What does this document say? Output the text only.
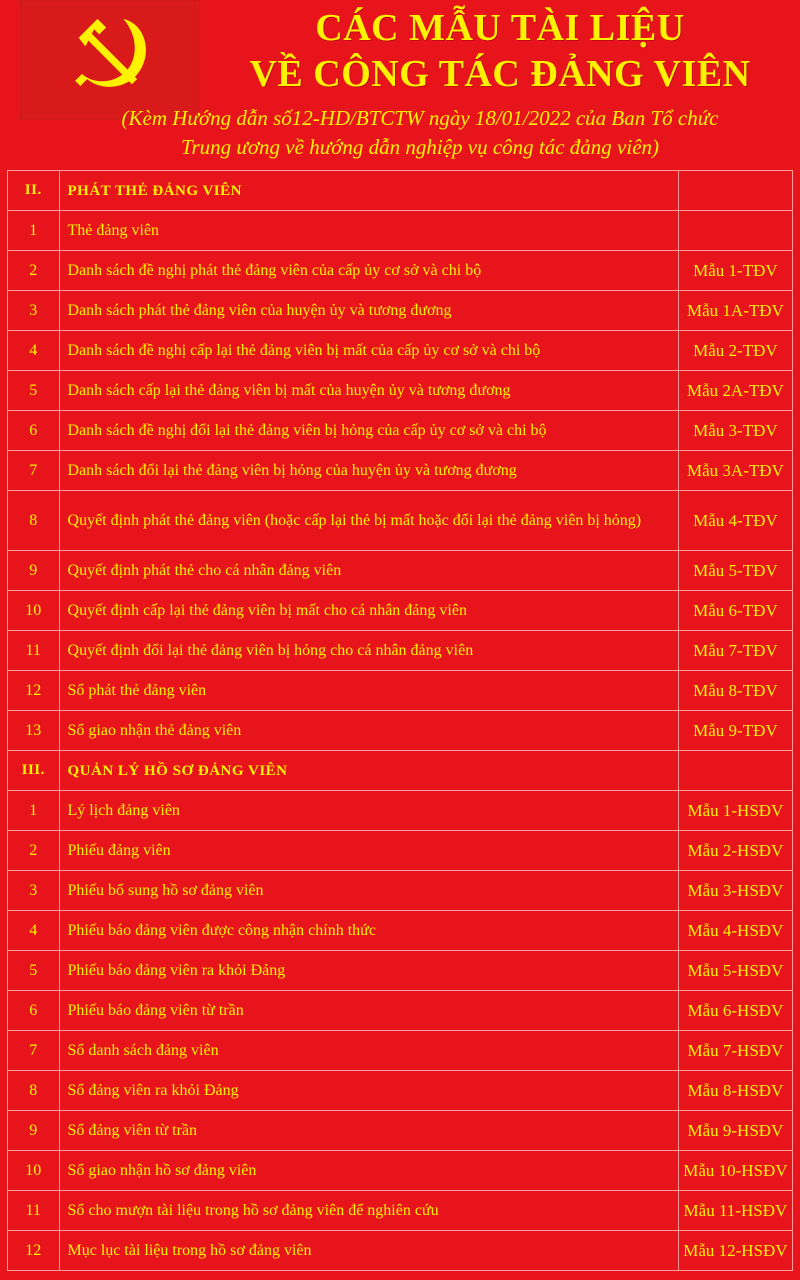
CÁC MẪU TÀI LIỆU
VỀ CÔNG TÁC ĐẢNG VIÊN

(Kèm Hướng dẫn số12-HD/BTCTW ngày 18/01/2022 của Ban Tổ chức

Trung ương về hướng dẫn nghiệp vụ công tác đảng viên)

II.	PHÁT THẺ ĐẢNG VIÊN	
1	Thẻ đảng viên	
2	Danh sách đề nghị phát thẻ đảng viên của cấp ủy cơ sở và chi bộ	Mẫu 1-TĐV
3	Danh sách phát thẻ đảng viên của huyện ủy và tương đương	Mẫu 1A-TĐV
4	Danh sách đề nghị cấp lại thẻ đảng viên bị mất của cấp ủy cơ sở và chi bộ	Mẫu 2-TĐV
5	Danh sách cấp lại thẻ đảng viên bị mất của huyện ủy và tương đương	Mẫu 2A-TĐV
6	Danh sách đề nghị đổi lại thẻ đảng viên bị hỏng của cấp ủy cơ sở và chi bộ	Mẫu 3-TĐV
7	Danh sách đổi lại thẻ đảng viên bị hỏng của huyện ủy và tương đương	Mẫu 3A-TĐV
8	Quyết định phát thẻ đảng viên (hoặc cấp lại thẻ bị mất hoặc đổi lại thẻ đảng viên bị hỏng)	Mẫu 4-TĐV
9	Quyết định phát thẻ cho cá nhân đảng viên	Mẫu 5-TĐV
10	Quyết định cấp lại thẻ đảng viên bị mất cho cá nhân đảng viên	Mẫu 6-TĐV
11	Quyết định đổi lại thẻ đảng viên bị hỏng cho cá nhân đảng viên	Mẫu 7-TĐV
12	Sổ phát thẻ đảng viên	Mẫu 8-TĐV
13	Sổ giao nhận thẻ đảng viên	Mẫu 9-TĐV
III.	QUẢN LÝ HỒ SƠ ĐẢNG VIÊN	
1	Lý lịch đảng viên	Mẫu 1-HSĐV
2	Phiếu đảng viên	Mẫu 2-HSĐV
3	Phiếu bổ sung hồ sơ đảng viên	Mẫu 3-HSĐV
4	Phiếu báo đảng viên được công nhận chính thức	Mẫu 4-HSĐV
5	Phiếu báo đảng viên ra khỏi Đảng	Mẫu 5-HSĐV
6	Phiếu báo đảng viên từ trần	Mẫu 6-HSĐV
7	Sổ danh sách đảng viên	Mẫu 7-HSĐV
8	Sổ đảng viên ra khỏi Đảng	Mẫu 8-HSĐV
9	Sổ đảng viên từ trần	Mẫu 9-HSĐV
10	Sổ giao nhận hồ sơ đảng viên	Mẫu 10-HSĐV
11	Sổ cho mượn tài liệu trong hồ sơ đảng viên để nghiên cứu	Mẫu 11-HSĐV
12	Mục lục tài liệu trong hồ sơ đảng viên	Mẫu 12-HSĐV
